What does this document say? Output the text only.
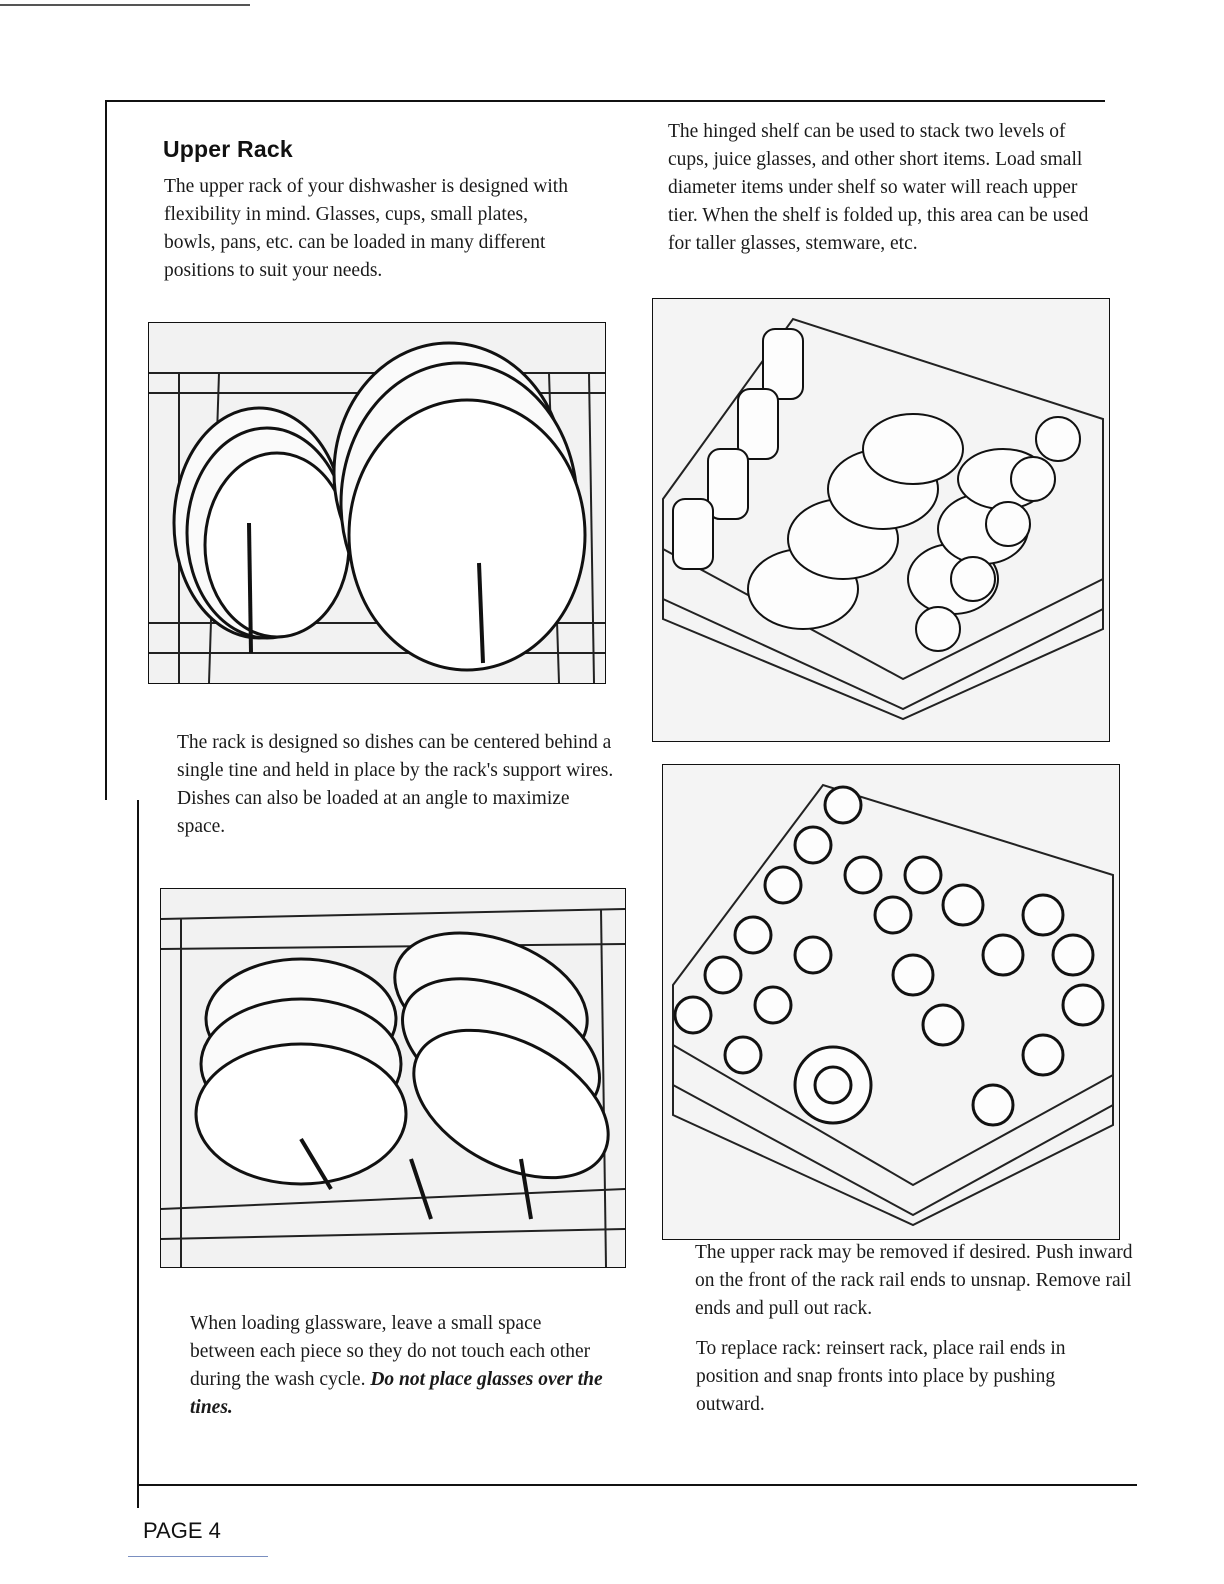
Upper Rack

The upper rack of your dishwasher is designed with flexibility in mind. Glasses, cups, small plates, bowls, pans, etc. can be loaded in many different positions to suit your needs.

The hinged shelf can be used to stack two levels of cups, juice glasses, and other short items. Load small diameter items under shelf so water will reach upper tier. When the shelf is folded up, this area can be used for taller glasses, stemware, etc.

The rack is designed so dishes can be centered behind a single tine and held in place by the rack's support wires. Dishes can also be loaded at an angle to maximize space.

The upper rack may be removed if desired. Push inward on the front of the rack rail ends to unsnap. Remove rail ends and pull out rack.

To replace rack: reinsert rack, place rail ends in position and snap fronts into place by pushing outward.

When loading glassware, leave a small space between each piece so they do not touch each other during the wash cycle. Do not place glasses over the tines.

PAGE 4
